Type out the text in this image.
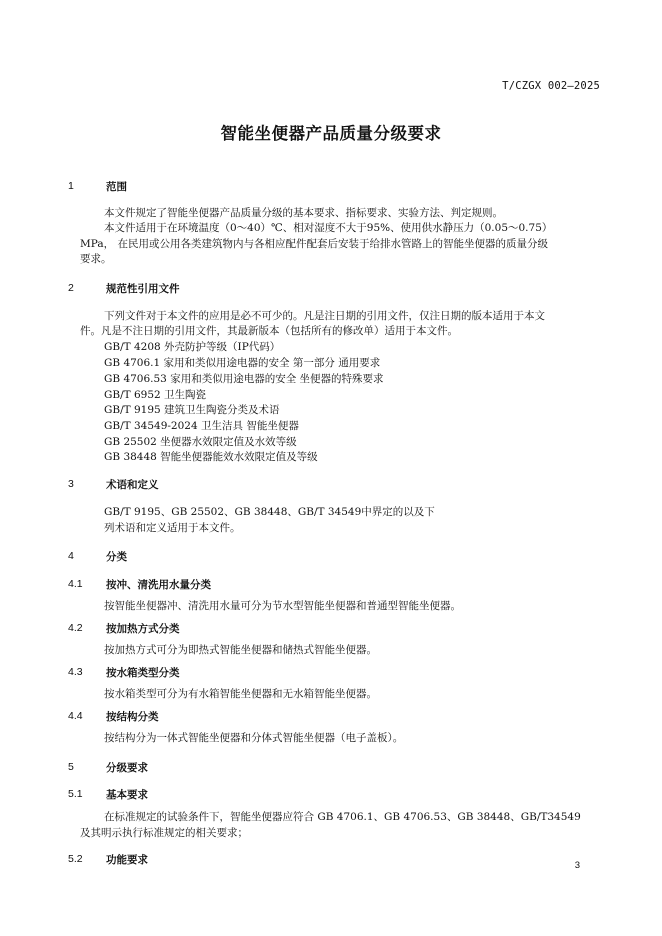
T/CZGX 002—2025
智能坐便器产品质量分级要求
1	范围
本文件规定了智能坐便器产品质量分级的基本要求、指标要求、实验方法、判定规则。
本文件适用于在环境温度（0～40）℃、相对湿度不大于95%、使用供水静压力（0.05～0.75）
MPa， 在民用或公用各类建筑物内与各相应配件配套后安装于给排水管路上的智能坐便器的质量分级
要求。
2	规范性引用文件
下列文件对于本文件的应用是必不可少的。凡是注日期的引用文件，仅注日期的版本适用于本文
件。凡是不注日期的引用文件，其最新版本（包括所有的修改单）适用于本文件。
GB/T 4208 外壳防护等级（IP代码）
GB 4706.1 家用和类似用途电器的安全 第一部分 通用要求
GB 4706.53 家用和类似用途电器的安全 坐便器的特殊要求
GB/T 6952 卫生陶瓷
GB/T 9195 建筑卫生陶瓷分类及术语
GB/T 34549-2024 卫生洁具 智能坐便器
GB 25502 坐便器水效限定值及水效等级
GB 38448 智能坐便器能效水效限定值及等级
3	术语和定义
GB/T 9195、GB 25502、GB 38448、GB/T 34549中界定的以及下
列术语和定义适用于本文件。
4	分类
4.1 按冲、清洗用水量分类
按智能坐便器冲、清洗用水量可分为节水型智能坐便器和普通型智能坐便器。
4.2 按加热方式分类
按加热方式可分为即热式智能坐便器和储热式智能坐便器。
4.3 按水箱类型分类
按水箱类型可分为有水箱智能坐便器和无水箱智能坐便器。
4.4 按结构分类
按结构分为一体式智能坐便器和分体式智能坐便器（电子盖板）。
5	分级要求
5.1 基本要求
在标准规定的试验条件下，智能坐便器应符合 GB 4706.1、GB 4706.53、GB 38448、GB/T34549
及其明示执行标准规定的相关要求；
5.2 功能要求	3
